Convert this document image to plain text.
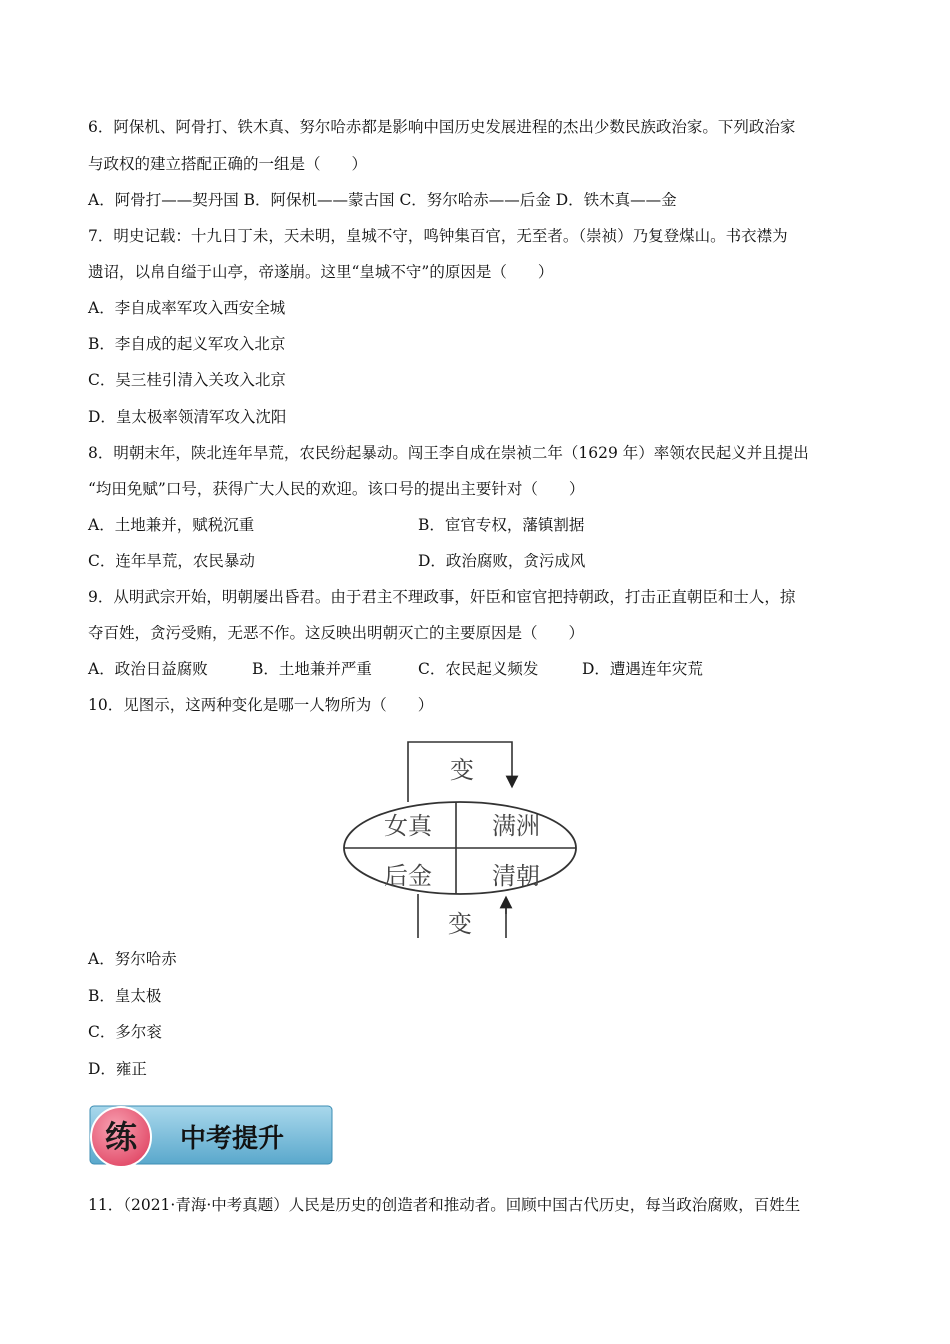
6．阿保机、阿骨打、铁木真、努尔哈赤都是影响中国历史发展进程的杰出少数民族政治家。下列政治家
与政权的建立搭配正确的一组是（　　）
A．阿骨打——契丹国 B．阿保机——蒙古国 C．努尔哈赤——后金 D．铁木真——金
7．明史记载：十九日丁未，天未明，皇城不守，鸣钟集百官，无至者。（崇祯）乃复登煤山。书衣襟为
遗诏，以帛自缢于山亭，帝遂崩。这里“皇城不守”的原因是（　　）
A．李自成率军攻入西安全城
B．李自成的起义军攻入北京
C．吴三桂引清入关攻入北京
D．皇太极率领清军攻入沈阳
8．明朝末年，陕北连年旱荒，农民纷起暴动。闯王李自成在崇祯二年（1629 年）率领农民起义并且提出
“均田免赋”口号，获得广大人民的欢迎。该口号的提出主要针对（　　）
A．土地兼并，赋税沉重	B．宦官专权，藩镇割据
C．连年旱荒，农民暴动	D．政治腐败，贪污成风
9．从明武宗开始，明朝屡出昏君。由于君主不理政事，奸臣和宦官把持朝政，打击正直朝臣和士人，掠
夺百姓，贪污受贿，无恶不作。这反映出明朝灭亡的主要原因是（　　）
A．政治日益腐败	B．土地兼并严重	C．农民起义频发	D．遭遇连年灾荒
10．见图示，这两种变化是哪一人物所为（　　）
变
女真	满洲
后金	清朝
变
A．努尔哈赤
B．皇太极
C．多尔衮
D．雍正
练 中考提升
11．（2021·青海·中考真题）人民是历史的创造者和推动者。回顾中国古代历史，每当政治腐败，百姓生
